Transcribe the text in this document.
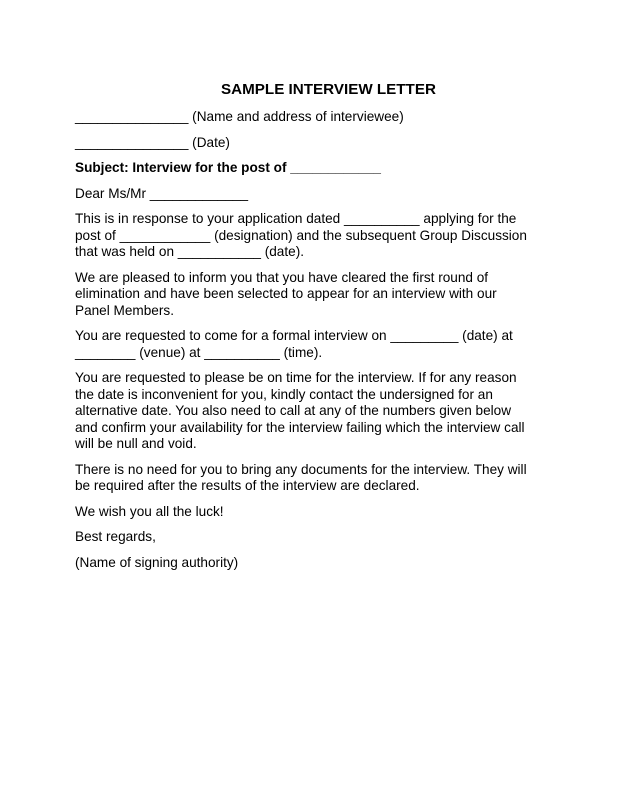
SAMPLE INTERVIEW LETTER
_______________ (Name and address of interviewee)
_______________ (Date)
Subject: Interview for the post of ____________
Dear Ms/Mr _____________
This is in response to your application dated __________ applying for the
post of ____________ (designation) and the subsequent Group Discussion
that was held on ___________ (date).
We are pleased to inform you that you have cleared the first round of
elimination and have been selected to appear for an interview with our
Panel Members.
You are requested to come for a formal interview on _________ (date) at
________ (venue) at __________ (time).
You are requested to please be on time for the interview. If for any reason
the date is inconvenient for you, kindly contact the undersigned for an
alternative date. You also need to call at any of the numbers given below
and confirm your availability for the interview failing which the interview call
will be null and void.
There is no need for you to bring any documents for the interview. They will
be required after the results of the interview are declared.
We wish you all the luck!
Best regards,
(Name of signing authority)
